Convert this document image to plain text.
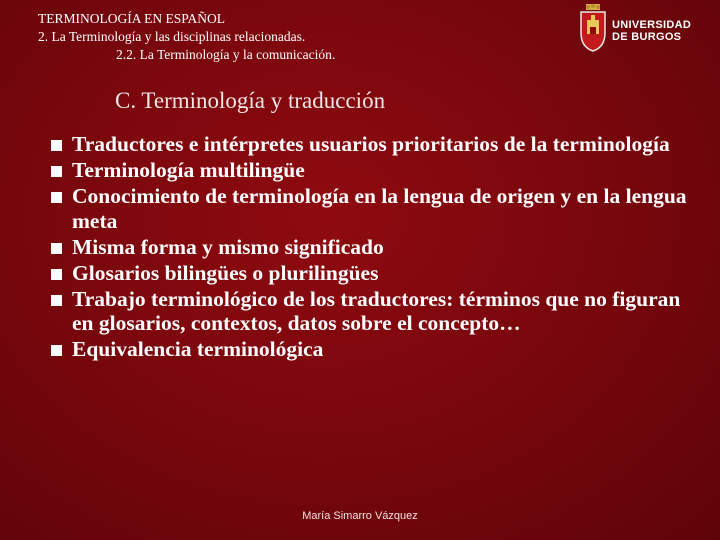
TERMINOLOGÍA EN ESPAÑOL
2. La Terminología y las disciplinas relacionadas.
2.2. La Terminología y la comunicación.
UNIVERSIDAD
DE BURGOS
C. Terminología y traducción
Traductores e intérpretes usuarios prioritarios de la terminología
Terminología multilingüe
Conocimiento de terminología en la lengua de origen y en la lengua meta
Misma forma y mismo significado
Glosarios bilingües o plurilingües
Trabajo terminológico de los traductores: términos que no figuran en glosarios, contextos, datos sobre el concepto…
Equivalencia terminológica
María Simarro Vázquez
